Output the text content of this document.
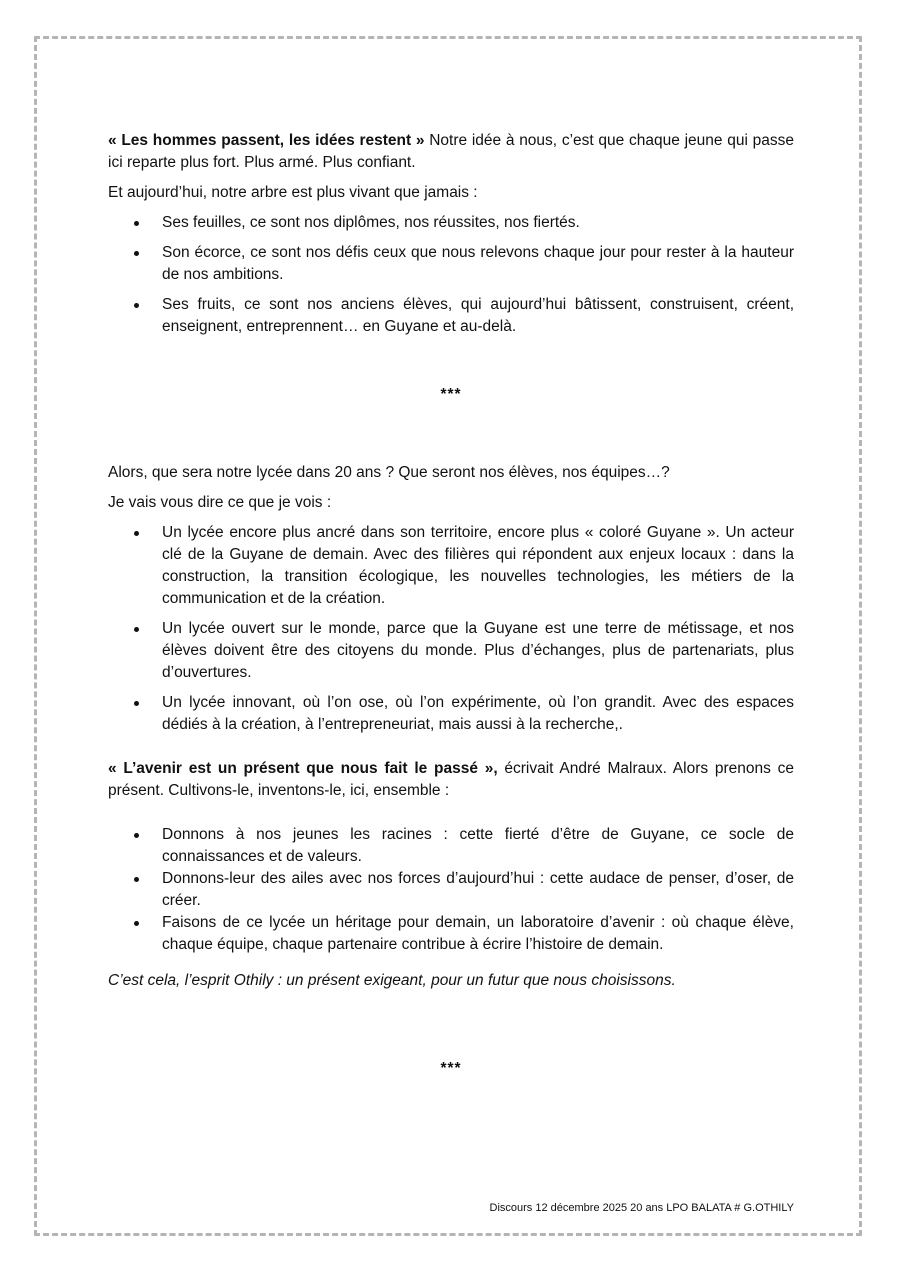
« Les hommes passent, les idées restent » Notre idée à nous, c’est que chaque jeune qui passe ici reparte plus fort. Plus armé. Plus confiant.

Et aujourd’hui, notre arbre est plus vivant que jamais :

Ses feuilles, ce sont nos diplômes, nos réussites, nos fiertés.
Son écorce, ce sont nos défis ceux que nous relevons chaque jour pour rester à la hauteur de nos ambitions.
Ses fruits, ce sont nos anciens élèves, qui aujourd’hui bâtissent, construisent, créent, enseignent, entreprennent… en Guyane et au-delà.

***

Alors, que sera notre lycée dans 20 ans ? Que seront nos élèves, nos équipes…?

Je vais vous dire ce que je vois :

Un lycée encore plus ancré dans son territoire, encore plus « coloré Guyane ». Un acteur clé de la Guyane de demain. Avec des filières qui répondent aux enjeux locaux : dans la construction, la transition écologique, les nouvelles technologies, les métiers de la communication et de la création.
Un lycée ouvert sur le monde, parce que la Guyane est une terre de métissage, et nos élèves doivent être des citoyens du monde. Plus d’échanges, plus de partenariats, plus d’ouvertures.
Un lycée innovant, où l’on ose, où l’on expérimente, où l’on grandit. Avec des espaces dédiés à la création, à l’entrepreneuriat, mais aussi à la recherche,.

« L’avenir est un présent que nous fait le passé », écrivait André Malraux. Alors prenons ce présent. Cultivons-le, inventons-le, ici, ensemble :

Donnons à nos jeunes les racines : cette fierté d’être de Guyane, ce socle de connaissances et de valeurs.
Donnons-leur des ailes avec nos forces d’aujourd’hui : cette audace de penser, d’oser, de créer.
Faisons de ce lycée un héritage pour demain, un laboratoire d’avenir : où chaque élève, chaque équipe, chaque partenaire contribue à écrire l’histoire de demain.

C’est cela, l’esprit Othily : un présent exigeant, pour un futur que nous choisissons.

***

Discours 12 décembre 2025 20 ans LPO BALATA # G.OTHILY
